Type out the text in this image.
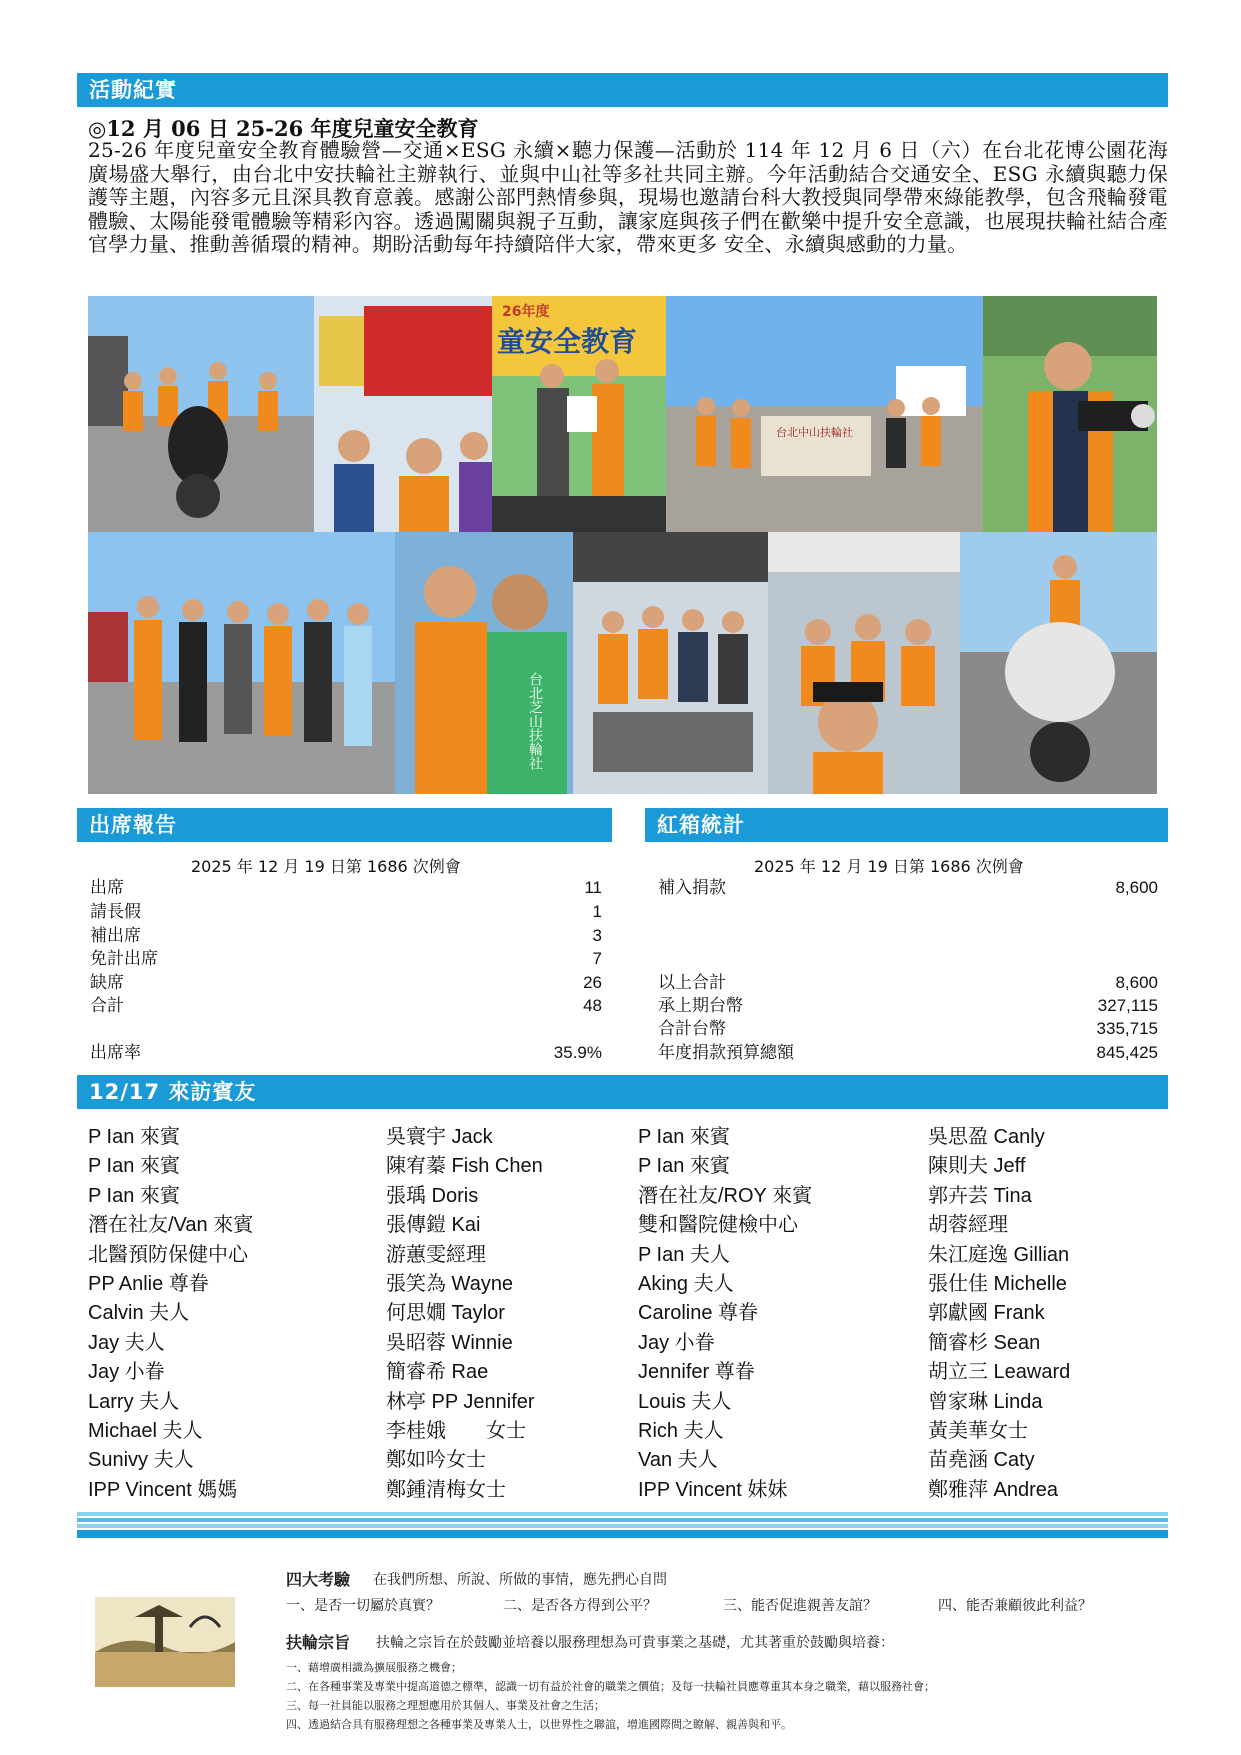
活動紀實
◎12 月 06 日 25-26 年度兒童安全教育
25-26 年度兒童安全教育體驗營—交通×ESG 永續×聽力保護—活動於 114 年 12 月 6 日（六）在台北花博公園花海廣場盛大舉行，由台北中安扶輪社主辦執行、並與中山社等多社共同主辦。今年活動結合交通安全、ESG 永續與聽力保護等主題，內容多元且深具教育意義。感謝公部門熱情參與，現場也邀請台科大教授與同學帶來綠能教學，包含飛輪發電體驗、太陽能發電體驗等精彩內容。透過闖關與親子互動，讓家庭與孩子們在歡樂中提升安全意識，也展現扶輪社結合產官學力量、推動善循環的精神。期盼活動每年持續陪伴大家，帶來更多 安全、永續與感動的力量。
26年度
童安全教育
台北中山扶輪社
台北芝山扶輪社
出席報告
2025 年 12 月 19 日第 1686 次例會
出席	11
請長假	1
補出席	3
免計出席	7
缺席	26
合計	48
出席率	35.9%
紅箱統計
2025 年 12 月 19 日第 1686 次例會
補入捐款	8,600
以上合計	8,600
承上期台幣	327,115
合計台幣	335,715
年度捐款預算總額	845,425
12/17 來訪賓友
P Ian 來賓
P Ian 來賓
P Ian 來賓
潛在社友/Van 來賓
北醫預防保健中心
PP Anlie 尊眷
Calvin 夫人
Jay 夫人
Jay 小眷
Larry 夫人
Michael 夫人
Sunivy 夫人
IPP Vincent 媽媽
吳寰宇 Jack
陳宥蓁 Fish Chen
張瑀 Doris
張傳鎧 Kai
游蕙雯經理
張笑為 Wayne
何思嫺 Taylor
吳昭蓉 Winnie
簡睿希 Rae
林亭 PP Jennifer
李桂娥　　女士
鄭如吟女士
鄭鍾清梅女士
P Ian 來賓
P Ian 來賓
潛在社友/ROY 來賓
雙和醫院健檢中心
P Ian 夫人
Aking 夫人
Caroline 尊眷
Jay 小眷
Jennifer 尊眷
Louis 夫人
Rich 夫人
Van 夫人
IPP Vincent 妹妹
吳思盈 Canly
陳則夫 Jeff
郭卉芸 Tina
胡蓉經理
朱江庭逸 Gillian
張仕佳 Michelle
郭獻國 Frank
簡睿杉 Sean
胡立三 Leaward
曾家琳 Linda
黃美華女士
苗堯涵 Caty
鄭雅萍 Andrea
四大考驗 在我們所想、所說、所做的事情，應先捫心自問
一、是否一切屬於真實？	二、是否各方得到公平？	三、能否促進親善友誼？	四、能否兼顧彼此利益？
扶輪宗旨 扶輪之宗旨在於鼓勵並培養以服務理想為可貴事業之基礎，尤其著重於鼓勵與培養：
一、藉增廣相識為擴展服務之機會；
二、在各種事業及專業中提高道德之標準，認識一切有益於社會的職業之價值；及每一扶輪社員應尊重其本身之職業，藉以服務社會；
三、每一社員能以服務之理想應用於其個人、事業及社會之生活；
四、透過結合具有服務理想之各種事業及專業人士，以世界性之聯誼，增進國際間之瞭解、親善與和平。
